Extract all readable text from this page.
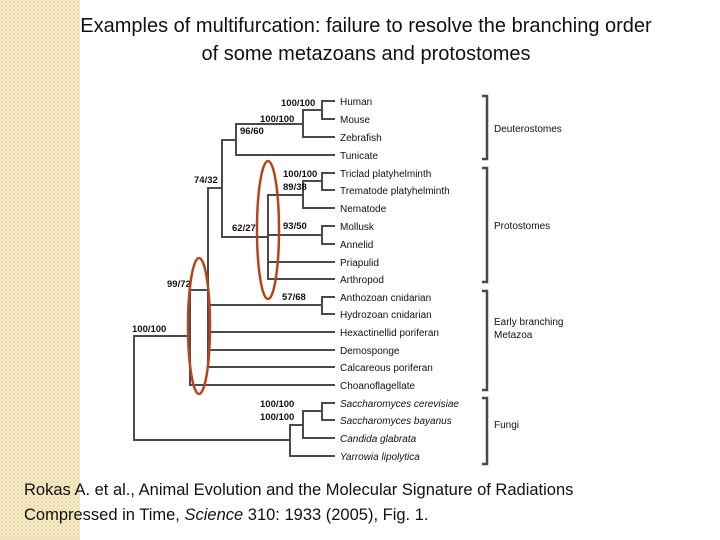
Examples of multifurcation: failure to resolve the branching order
of some metazoans and protostomes
Human
Mouse
Zebrafish
Tunicate
Triclad platyhelminth
Trematode platyhelminth
Nematode
Mollusk
Annelid
Priapulid
Arthropod
Anthozoan cnidarian
Hydrozoan cnidarian
Hexactinellid poriferan
Demosponge
Calcareous poriferan
Choanoflagellate
Saccharomyces cerevisiae
Saccharomyces bayanus
Candida glabrata
Yarrowia lipolytica
100/100
100/100
96/60
74/32
100/100
89/38
93/50
62/27
57/68
99/72
100/100
100/100
100/100
Deuterostomes
Protostomes
Early branching
Metazoa
Fungi
Rokas A. et al., Animal Evolution and the Molecular Signature of Radiations
Compressed in Time, Science 310: 1933 (2005), Fig. 1.
